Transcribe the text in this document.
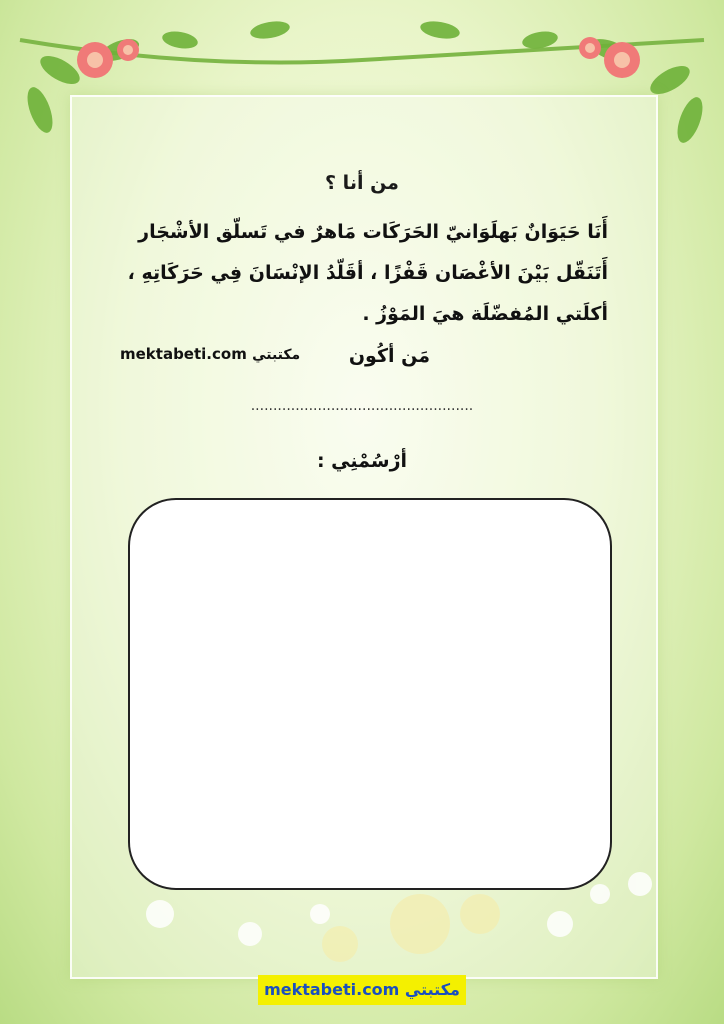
من أنا ؟
أَنَا حَيَوَانٌ بَهلَوَانيّ الحَرَكَات مَاهرٌ في تَسلّق الأشْجَار أَتَنَقّل بَيْنَ الأغْصَان قَفْزًا ، أقَلّدُ الإنْسَانَ فِي حَرَكَاتِهِ ، أكلَتي المُفضّلَة هيَ المَوْزُ .
mektabeti.com مكتبتي	مَن أكُون
..................................................
أرْسُمْنِي :
mektabeti.com مكتبتي
